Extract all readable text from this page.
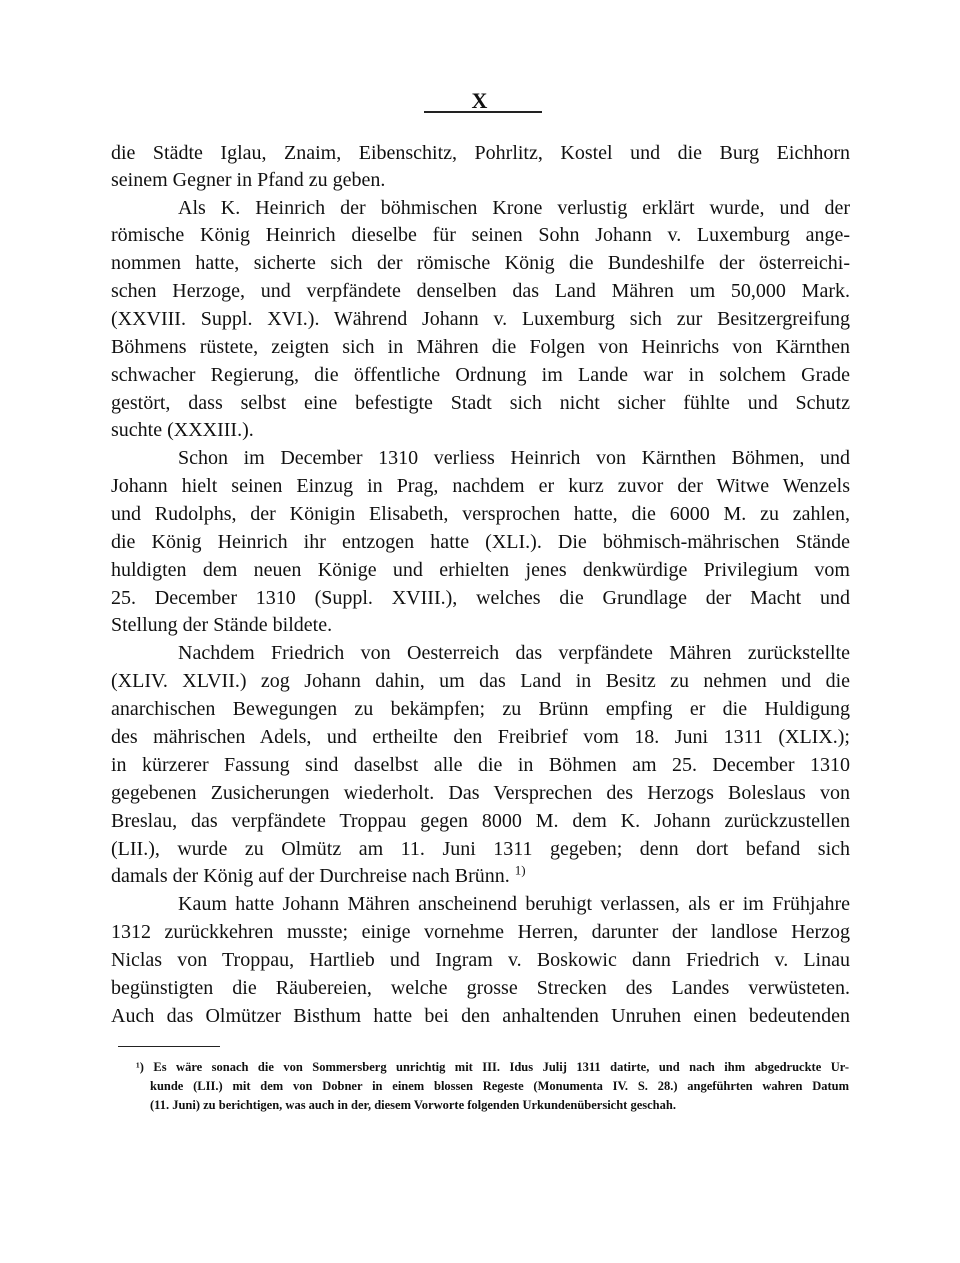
X
die Städte Iglau, Znaim, Eibenschitz, Pohrlitz, Kostel und die Burg Eichhorn
seinem Gegner in Pfand zu geben.
Als K. Heinrich der böhmischen Krone verlustig erklärt wurde, und der
römische König Heinrich dieselbe für seinen Sohn Johann v. Luxemburg ange-
nommen hatte, sicherte sich der römische König die Bundeshilfe der österreichi-
schen Herzoge, und verpfändete denselben das Land Mähren um 50,000 Mark.
(XXVIII. Suppl. XVI.). Während Johann v. Luxemburg sich zur Besitzergreifung
Böhmens rüstete, zeigten sich in Mähren die Folgen von Heinrichs von Kärnthen
schwacher Regierung, die öffentliche Ordnung im Lande war in solchem Grade
gestört, dass selbst eine befestigte Stadt sich nicht sicher fühlte und Schutz
suchte (XXXIII.).
Schon im December 1310 verliess Heinrich von Kärnthen Böhmen, und
Johann hielt seinen Einzug in Prag, nachdem er kurz zuvor der Witwe Wenzels
und Rudolphs, der Königin Elisabeth, versprochen hatte, die 6000 M. zu zahlen,
die König Heinrich ihr entzogen hatte (XLI.). Die böhmisch-mährischen Stände
huldigten dem neuen Könige und erhielten jenes denkwürdige Privilegium vom
25. December 1310 (Suppl. XVIII.), welches die Grundlage der Macht und
Stellung der Stände bildete.
Nachdem Friedrich von Oesterreich das verpfändete Mähren zurückstellte
(XLIV. XLVII.) zog Johann dahin, um das Land in Besitz zu nehmen und die
anarchischen Bewegungen zu bekämpfen; zu Brünn empfing er die Huldigung
des mährischen Adels, und ertheilte den Freibrief vom 18. Juni 1311 (XLIX.);
in kürzerer Fassung sind daselbst alle die in Böhmen am 25. December 1310
gegebenen Zusicherungen wiederholt. Das Versprechen des Herzogs Boleslaus von
Breslau, das verpfändete Troppau gegen 8000 M. dem K. Johann zurückzustellen
(LII.), wurde zu Olmütz am 11. Juni 1311 gegeben; denn dort befand sich
damals der König auf der Durchreise nach Brünn. $^{1)}$
Kaum hatte Johann Mähren anscheinend beruhigt verlassen, als er im Frühjahre
1312 zurückkehren musste; einige vornehme Herren, darunter der landlose Herzog
Niclas von Troppau, Hartlieb und Ingram v. Boskowic dann Friedrich v. Linau
begünstigten die Räubereien, welche grosse Strecken des Landes verwüsteten.
Auch das Olmützer Bisthum hatte bei den anhaltenden Unruhen einen bedeutenden
¹) Es wäre sonach die von Sommersberg unrichtig mit III. Idus Julij 1311 datirte, und nach ihm abgedruckte Ur-
kunde (LII.) mit dem von Dobner in einem blossen Regeste (Monumenta IV. S. 28.) angeführten wahren Datum
(11. Juni) zu berichtigen, was auch in der, diesem Vorworte folgenden Urkundenübersicht geschah.
